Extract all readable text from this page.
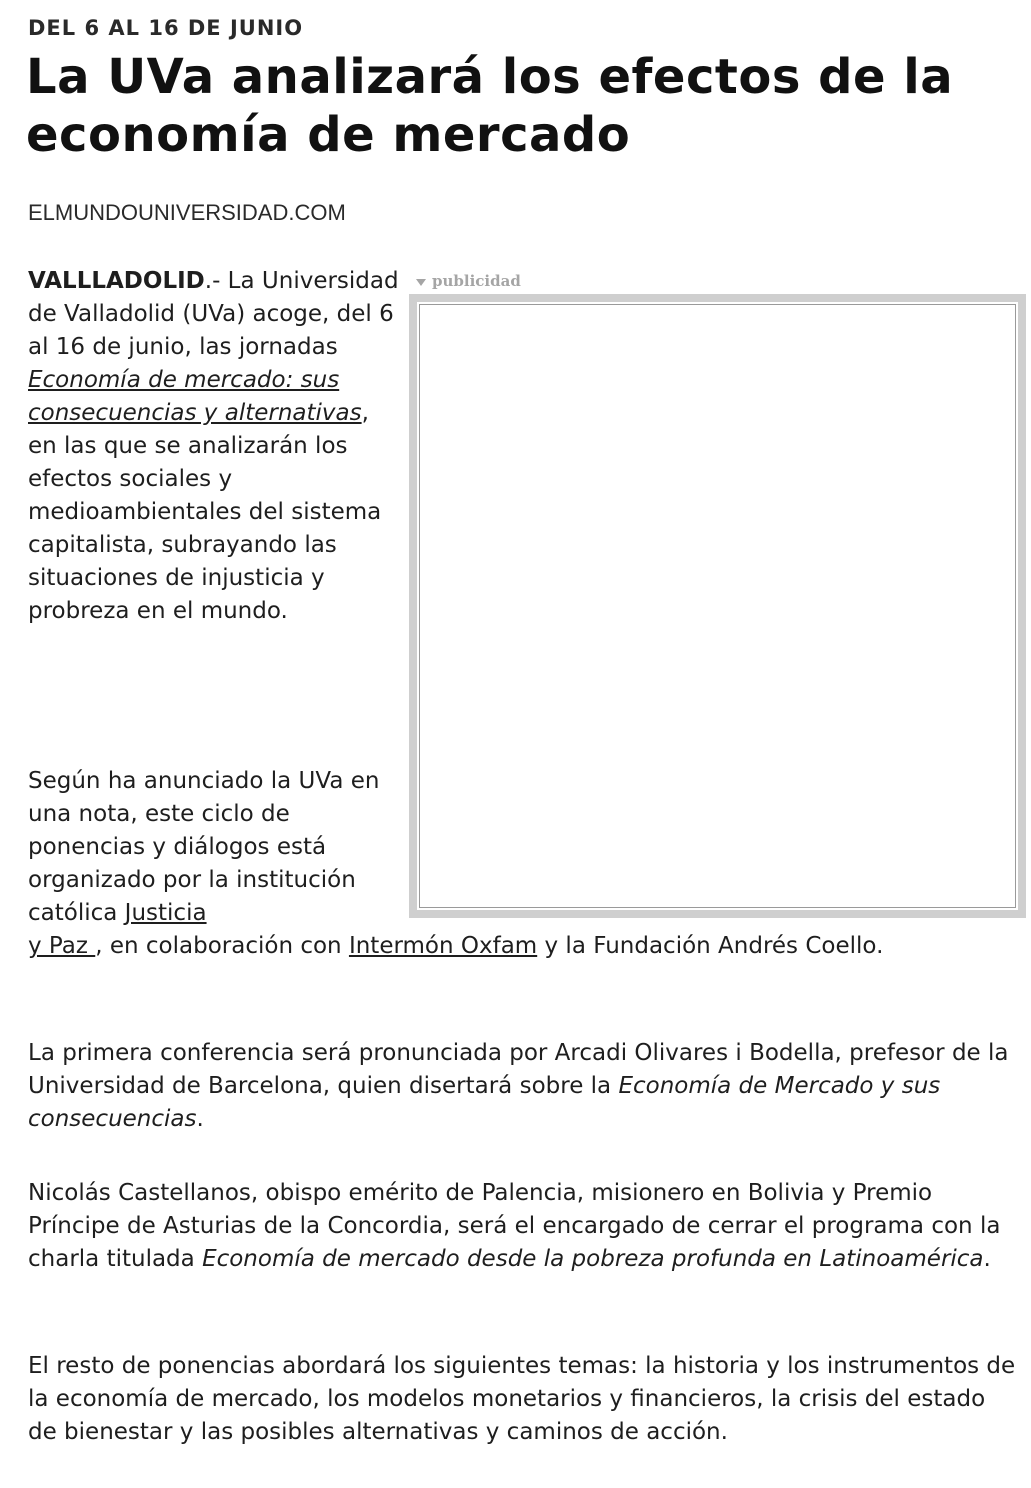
DEL 6 AL 16 DE JUNIO
La UVa analizará los efectos de la economía de mercado
ELMUNDOUNIVERSIDAD.COM
publicidad

VALLLADOLID.- La Universidad de Valladolid (UVa) acoge, del 6 al 16 de junio, las jornadas Economía de mercado: sus consecuencias y alternativas, en las que se analizarán los efectos sociales y medioambientales del sistema capitalista, subrayando las situaciones de injusticia y probreza en el mundo.

Según ha anunciado la UVa en una nota, este ciclo de ponencias y diálogos está organizado por la institución católica Justicia

y Paz , en colaboración con Intermón Oxfam y la Fundación Andrés Coello.

La primera conferencia será pronunciada por Arcadi Olivares i Bodella, prefesor de la Universidad de Barcelona, quien disertará sobre la Economía de Mercado y sus consecuencias.

Nicolás Castellanos, obispo emérito de Palencia, misionero en Bolivia y Premio Príncipe de Asturias de la Concordia, será el encargado de cerrar el programa con la charla titulada Economía de mercado desde la pobreza profunda en Latinoamérica.

El resto de ponencias abordará los siguientes temas: la historia y los instrumentos de la economía de mercado, los modelos monetarios y financieros, la crisis del estado de bienestar y las posibles alternativas y caminos de acción.
